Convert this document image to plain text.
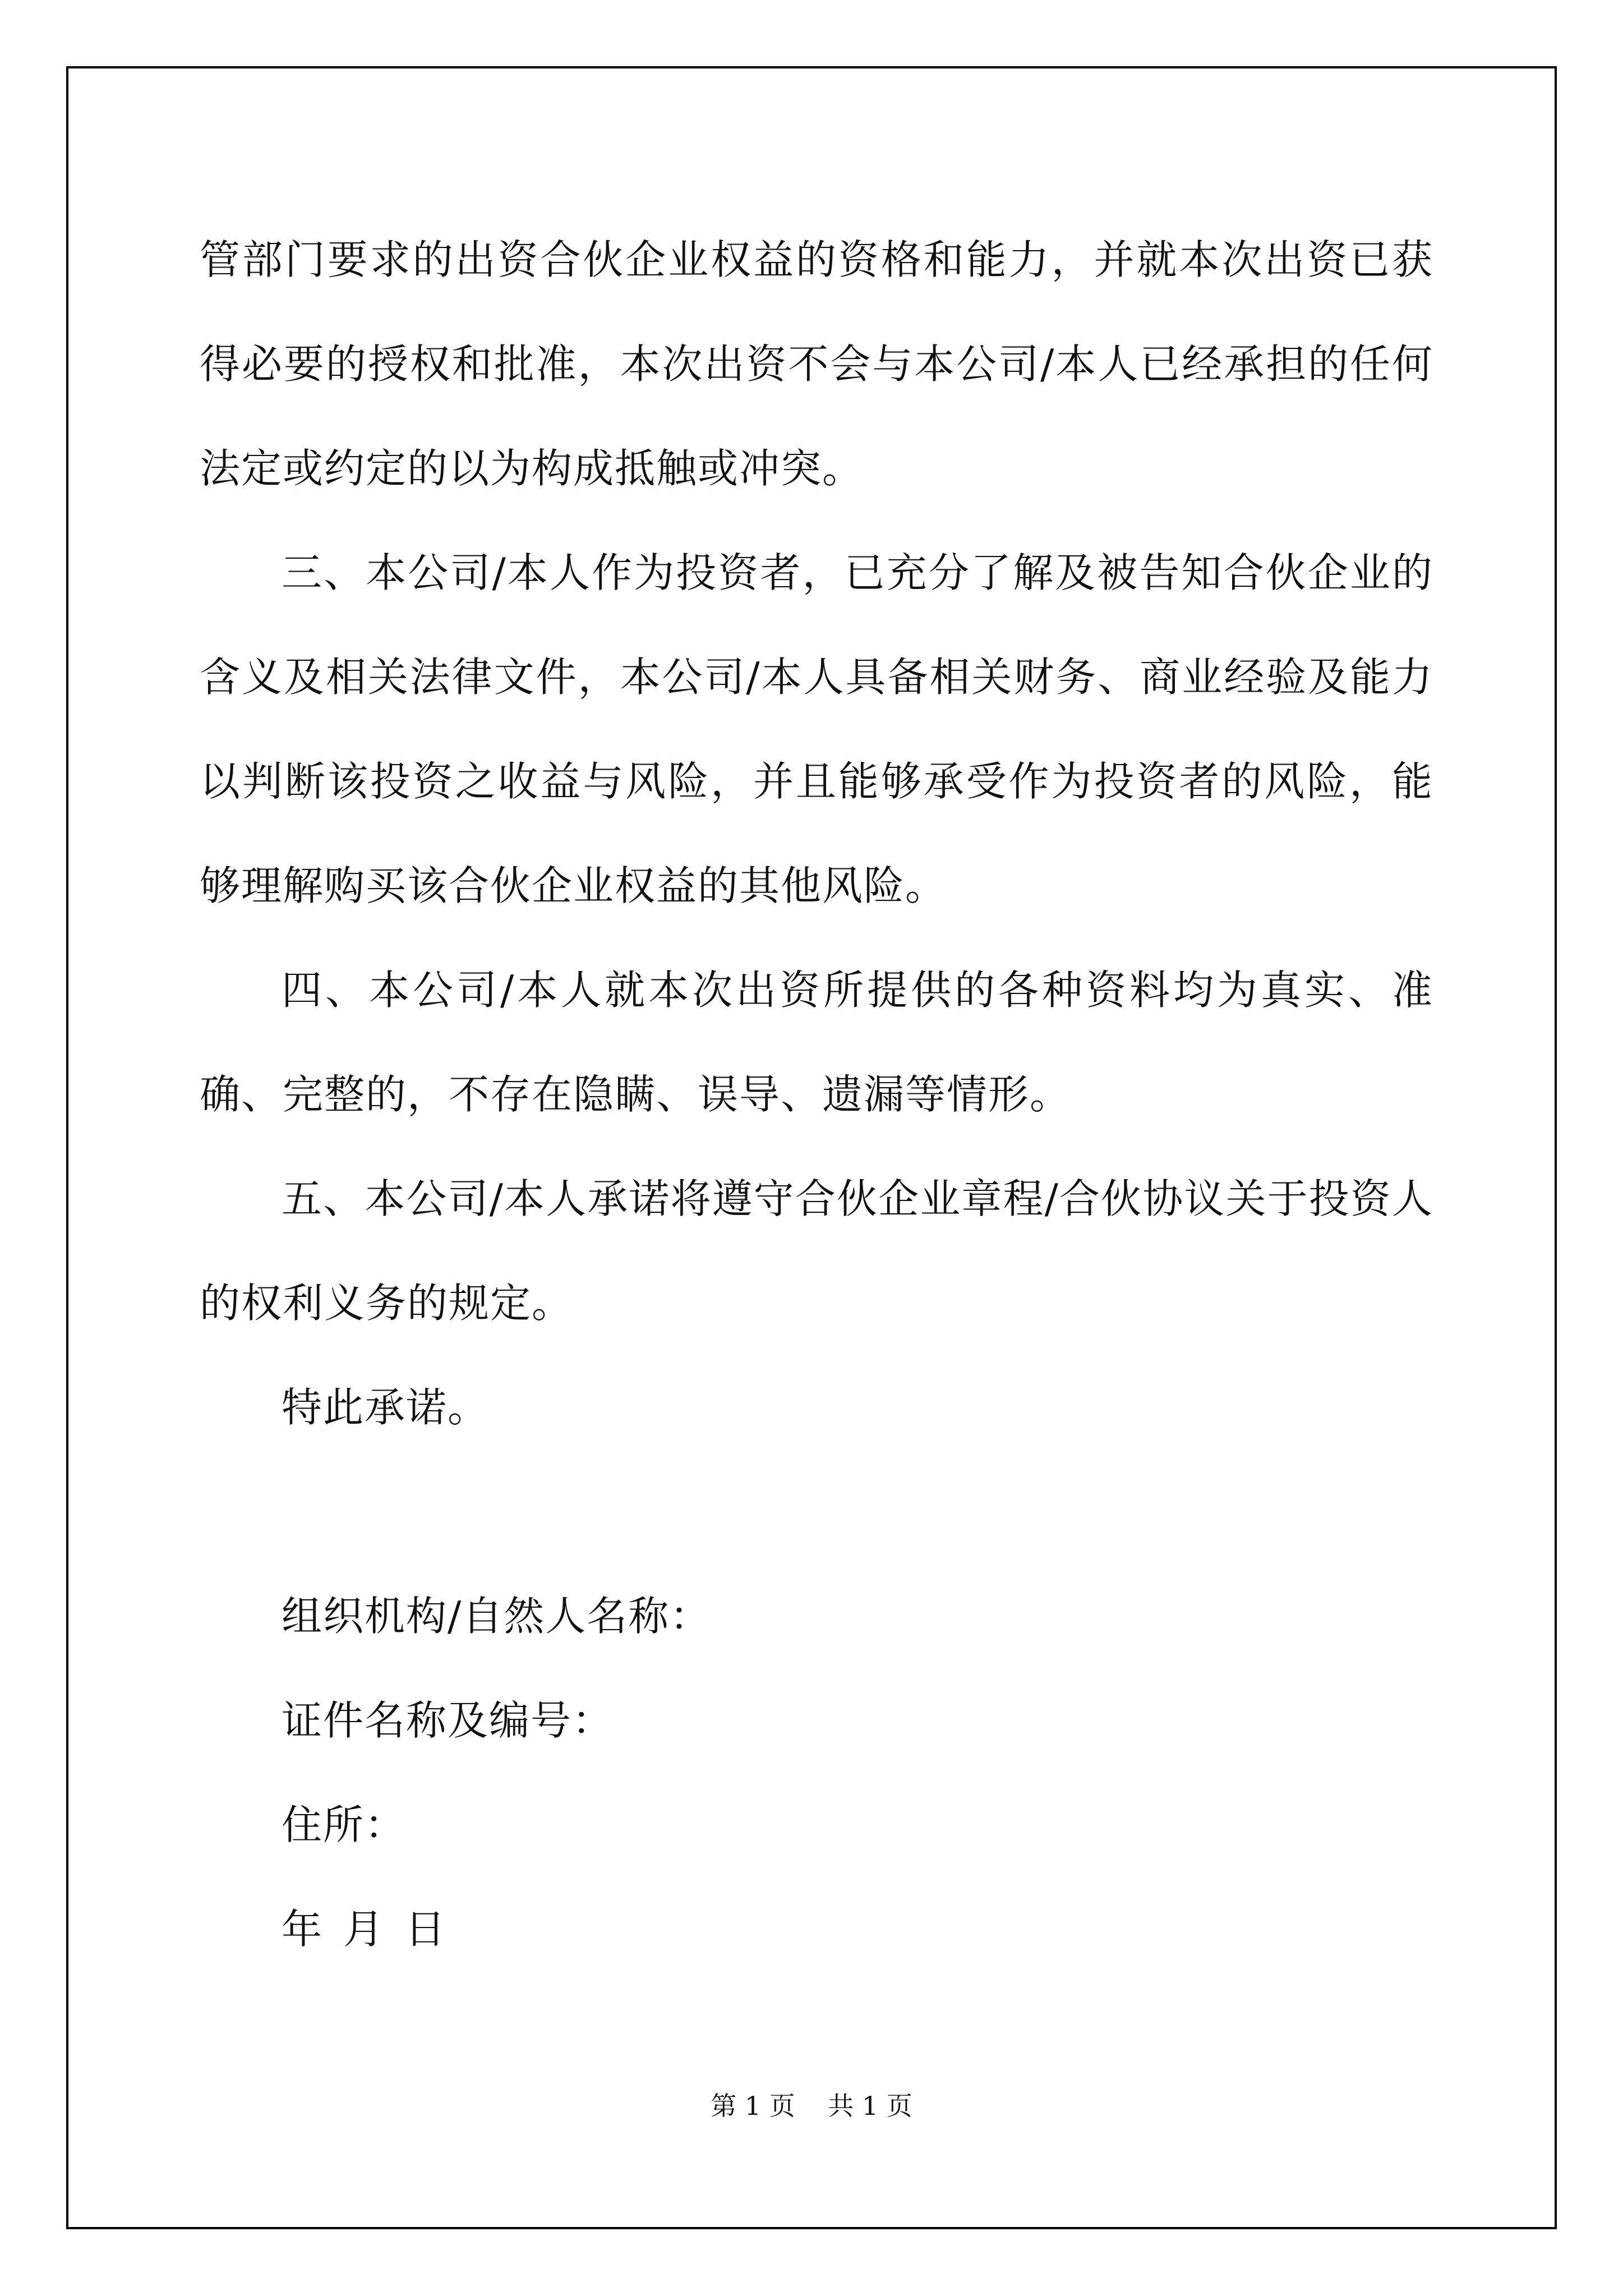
管部门要求的出资合伙企业权益的资格和能力，并就本次出资已获得必要的授权和批准，本次出资不会与本公司/本人已经承担的任何法定或约定的以为构成抵触或冲突。

三、本公司/本人作为投资者，已充分了解及被告知合伙企业的含义及相关法律文件，本公司/本人具备相关财务、商业经验及能力以判断该投资之收益与风险，并且能够承受作为投资者的风险，能够理解购买该合伙企业权益的其他风险。

四、本公司/本人就本次出资所提供的各种资料均为真实、准确、完整的，不存在隐瞒、误导、遗漏等情形。

五、本公司/本人承诺将遵守合伙企业章程/合伙协议关于投资人的权利义务的规定。

特此承诺。

组织机构/自然人名称：

证件名称及编号：

住所：

年 月 日

第 1 页    共 1 页
